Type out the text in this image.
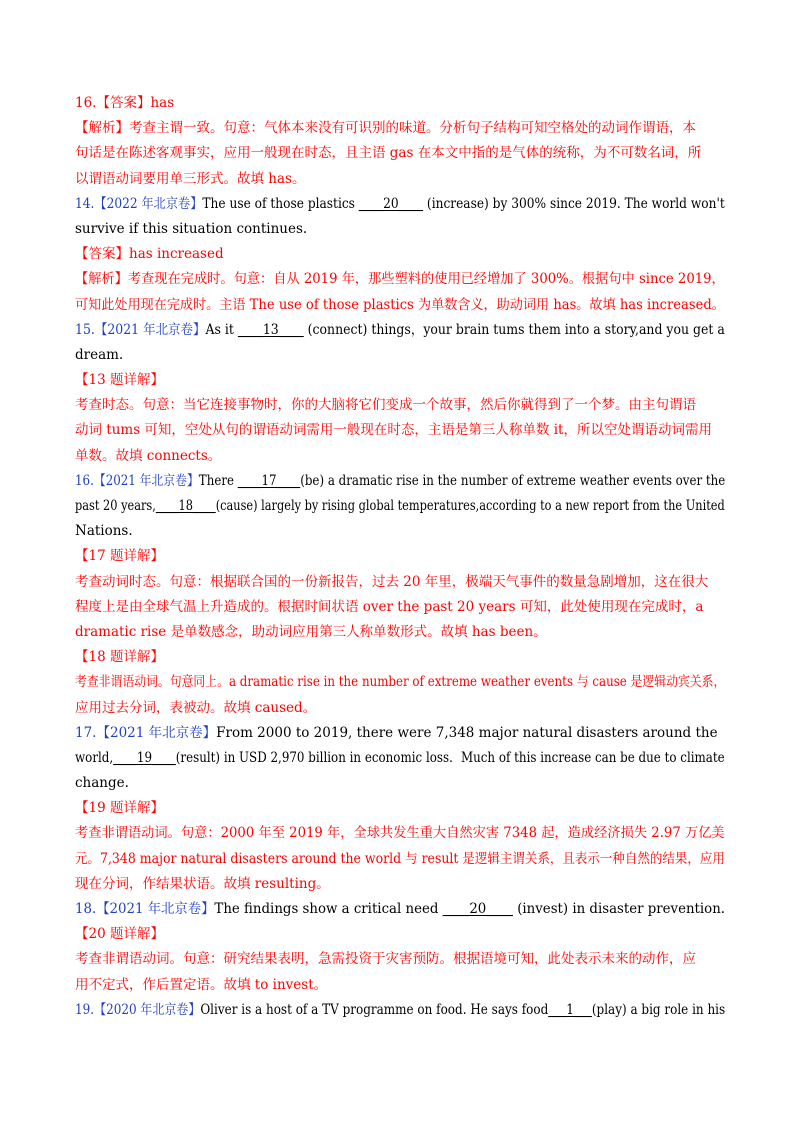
16.【答案】has
【解析】考查主谓一致。句意：气体本来没有可识别的味道。分析句子结构可知空格处的动词作谓语，本
句话是在陈述客观事实，应用一般现在时态，且主语 gas 在本文中指的是气体的统称，为不可数名词，所
以谓语动词要用单三形式。故填 has。
14.【2022 年北京卷】The use of those plastics ____20____ (increase) by 300% since 2019. The world won't
survive if this situation continues.
【答案】has increased
【解析】考查现在完成时。句意：自从 2019 年，那些塑料的使用已经增加了 300%。根据句中 since 2019，
可知此处用现在完成时。主语 The use of those plastics 为单数含义，助动词用 has。故填 has increased。
15.【2021 年北京卷】As it ____13____ (connect) things，your brain tums them into a story,and you get a
dream.
【13 题详解】
考查时态。句意：当它连接事物时，你的大脑将它们变成一个故事，然后你就得到了一个梦。由主句谓语
动词 tums 可知，空处从句的谓语动词需用一般现在时态，主语是第三人称单数 it，所以空处谓语动词需用
单数。故填 connects。
16.【2021 年北京卷】There ____17____(be) a dramatic rise in the number of extreme weather events over the
past 20 years,____18____(cause) largely by rising global temperatures,according to a new report from the United
Nations.
【17 题详解】
考查动词时态。句意：根据联合国的一份新报告，过去 20 年里，极端天气事件的数量急剧增加，这在很大
程度上是由全球气温上升造成的。根据时间状语 over the past 20 years 可知，此处使用现在完成时，a
dramatic rise 是单数感念，助动词应用第三人称单数形式。故填 has been。
【18 题详解】
考查非谓语动词。句意同上。a dramatic rise in the number of extreme weather events 与 cause 是逻辑动宾关系，
应用过去分词，表被动。故填 caused。
17.【2021 年北京卷】From 2000 to 2019, there were 7,348 major natural disasters around the
world,____19____(result) in USD 2,970 billion in economic loss．Much of this increase can be due to climate
change.
【19 题详解】
考查非谓语动词。句意：2000 年至 2019 年，全球共发生重大自然灾害 7348 起，造成经济损失 2.97 万亿美
元。7,348 major natural disasters around the world 与 result 是逻辑主谓关系，且表示一种自然的结果，应用
现在分词，作结果状语。故填 resulting。
18.【2021 年北京卷】The findings show a critical need ____20____ (invest) in disaster prevention.
【20 题详解】
考查非谓语动词。句意：研究结果表明，急需投资于灾害预防。根据语境可知，此处表示未来的动作，应
用不定式，作后置定语。故填 to invest。
19.【2020 年北京卷】Oliver is a host of a TV programme on food. He says food___1___(play) a big role in his
